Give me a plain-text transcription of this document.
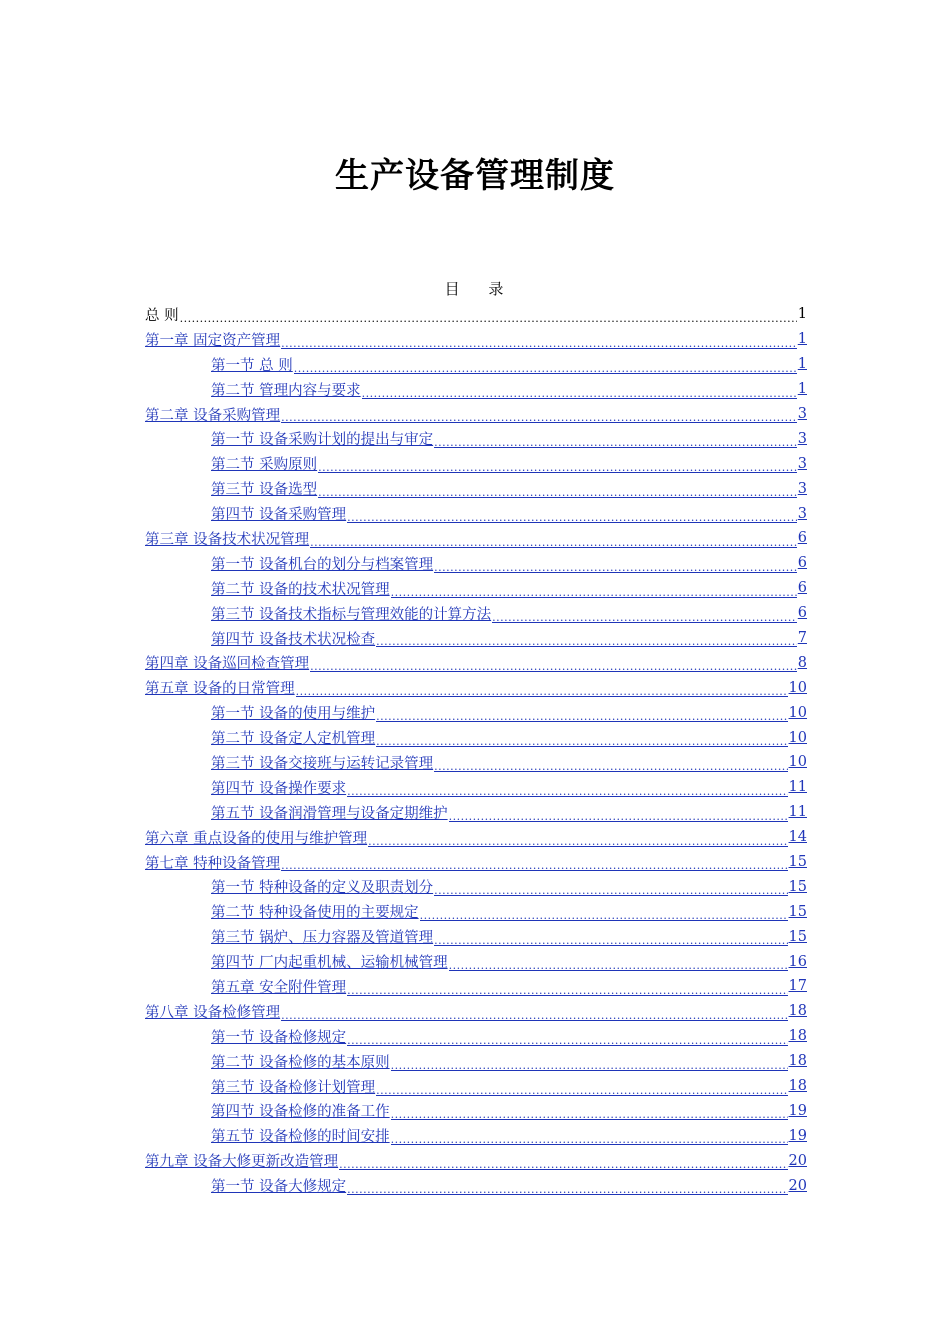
生产设备管理制度
目 录
总 则 .....	1
第一章 固定资产管理 .....	1
第一节 总 则 .....	1
第二节 管理内容与要求 .....	1
第二章 设备采购管理 .....	3
第一节 设备采购计划的提出与审定 .....	3
第二节 采购原则 .....	3
第三节 设备选型 .....	3
第四节 设备采购管理 .....	3
第三章 设备技术状况管理 .....	6
第一节 设备机台的划分与档案管理 .....	6
第二节 设备的技术状况管理 .....	6
第三节 设备技术指标与管理效能的计算方法 .....	6
第四节 设备技术状况检查 .....	7
第四章 设备巡回检查管理 .....	8
第五章 设备的日常管理 .....	10
第一节 设备的使用与维护 .....	10
第二节 设备定人定机管理 .....	10
第三节 设备交接班与运转记录管理 .....	10
第四节 设备操作要求 .....	11
第五节 设备润滑管理与设备定期维护 .....	11
第六章 重点设备的使用与维护管理 .....	14
第七章 特种设备管理 .....	15
第一节 特种设备的定义及职责划分 .....	15
第二节 特种设备使用的主要规定 .....	15
第三节 锅炉、压力容器及管道管理 .....	15
第四节 厂内起重机械、运输机械管理 .....	16
第五章 安全附件管理 .....	17
第八章 设备检修管理 .....	18
第一节 设备检修规定 .....	18
第二节 设备检修的基本原则 .....	18
第三节 设备检修计划管理 .....	18
第四节 设备检修的准备工作 .....	19
第五节 设备检修的时间安排 .....	19
第九章 设备大修更新改造管理 .....	20
第一节 设备大修规定 .....	20
